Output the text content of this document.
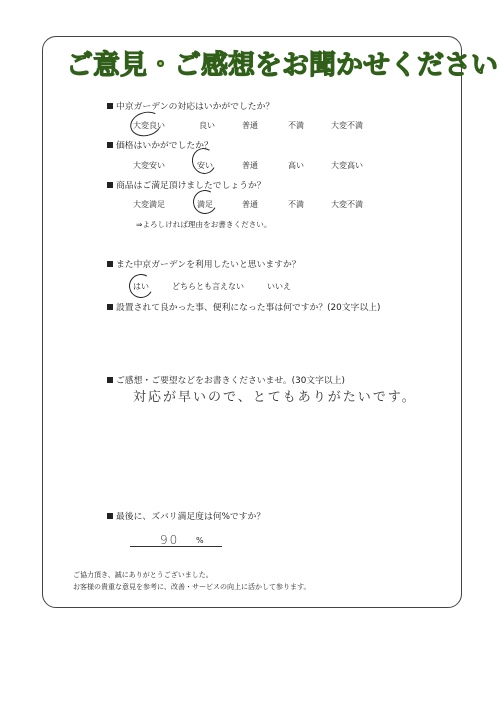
ご意見・ご感想をお聞かせください
中京ガーデンの対応はいかがでしたか？
大変良い	良い	普通	不満	大変不満
価格はいかがでしたか？
大変安い	安い	普通	高い	大変高い
商品はご満足頂けましたでしょうか？
大変満足	満足	普通	不満	大変不満
⇒よろしければ理由をお書きください。
また中京ガーデンを利用したいと思いますか？
はい	どちらとも言えない	いいえ
設置されて良かった事、便利になった事は何ですか？(20文字以上)
ご感想・ご要望などをお書きくださいませ。(30文字以上)
対応が早いので、とてもありがたいです。
最後に、ズバリ満足度は何%ですか？
90 %
ご協力頂き、誠にありがとうございました。
お客様の貴重な意見を参考に、改善・サービスの向上に活かして参ります。
